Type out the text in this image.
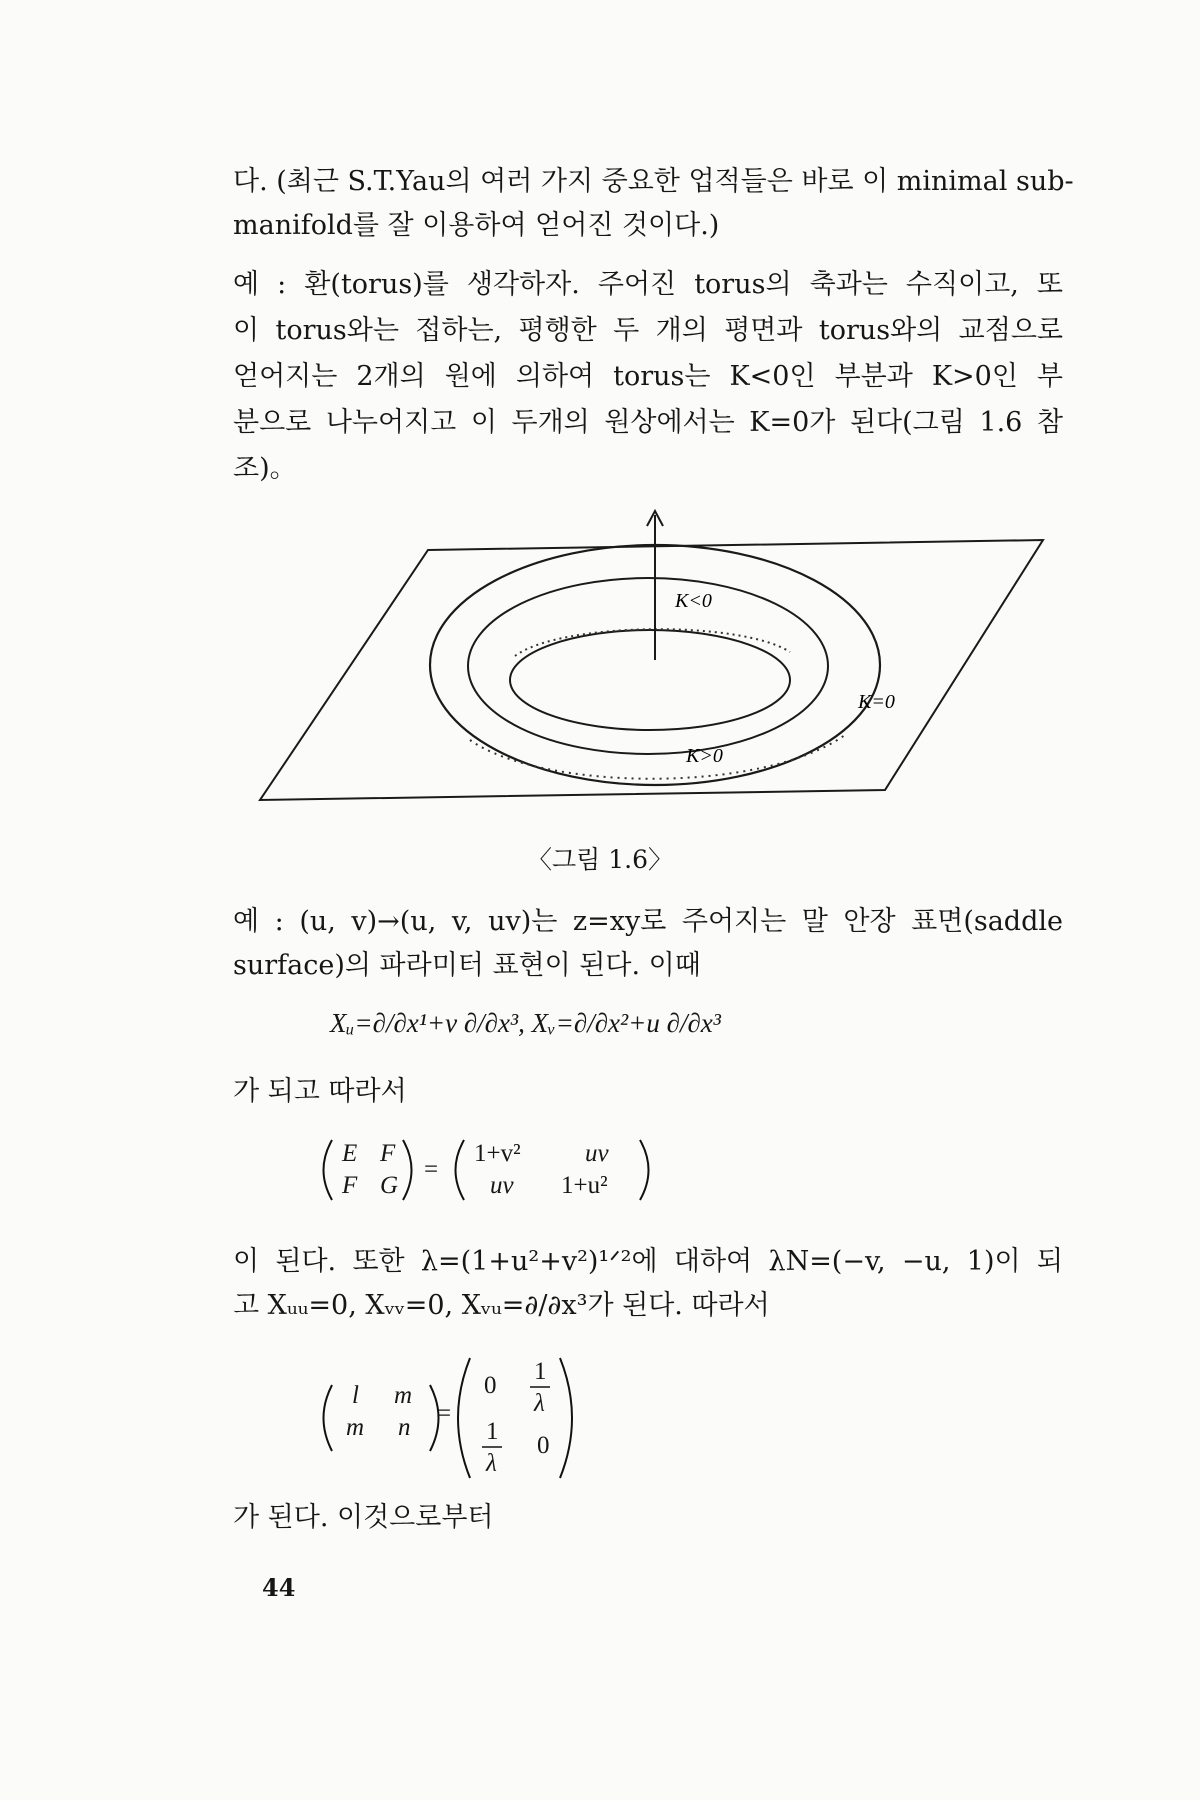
다. (최근 S.T.Yau의 여러 가지 중요한 업적들은 바로 이 minimal sub-
manifold를 잘 이용하여 얻어진 것이다.)

예 : 환(torus)를 생각하자. 주어진 torus의 축과는 수직이고, 또
이 torus와는 접하는, 평행한 두 개의 평면과 torus와의 교점으로
얻어지는 2개의 원에 의하여 torus는 K<0인 부분과 K>0인 부
분으로 나누어지고 이 두개의 원상에서는 K=0가 된다(그림 1.6 참
조)。

K<0
K=0
K>0
〈그림 1.6〉

예 : (u, v)→(u, v, uv)는 z=xy로 주어지는 말 안장 표면(saddle
surface)의 파라미터 표현이 된다. 이때

Xᵤ=∂/∂x¹+v ∂/∂x³, Xᵥ=∂/∂x²+u ∂/∂x³

가 되고 따라서

E F
F G
=
1+v²	uv
uv 1+u²

이 된다. 또한 λ=(1+u²+v²)¹ᐟ²에 대하여 λN=(−v, −u, 1)이 되
고 Xᵤᵤ=0, Xᵥᵥ=0, Xᵥᵤ=∂/∂x³가 된다. 따라서

l m
m n
=
0
1
λ
1
λ
0

가 된다. 이것으로부터

44
